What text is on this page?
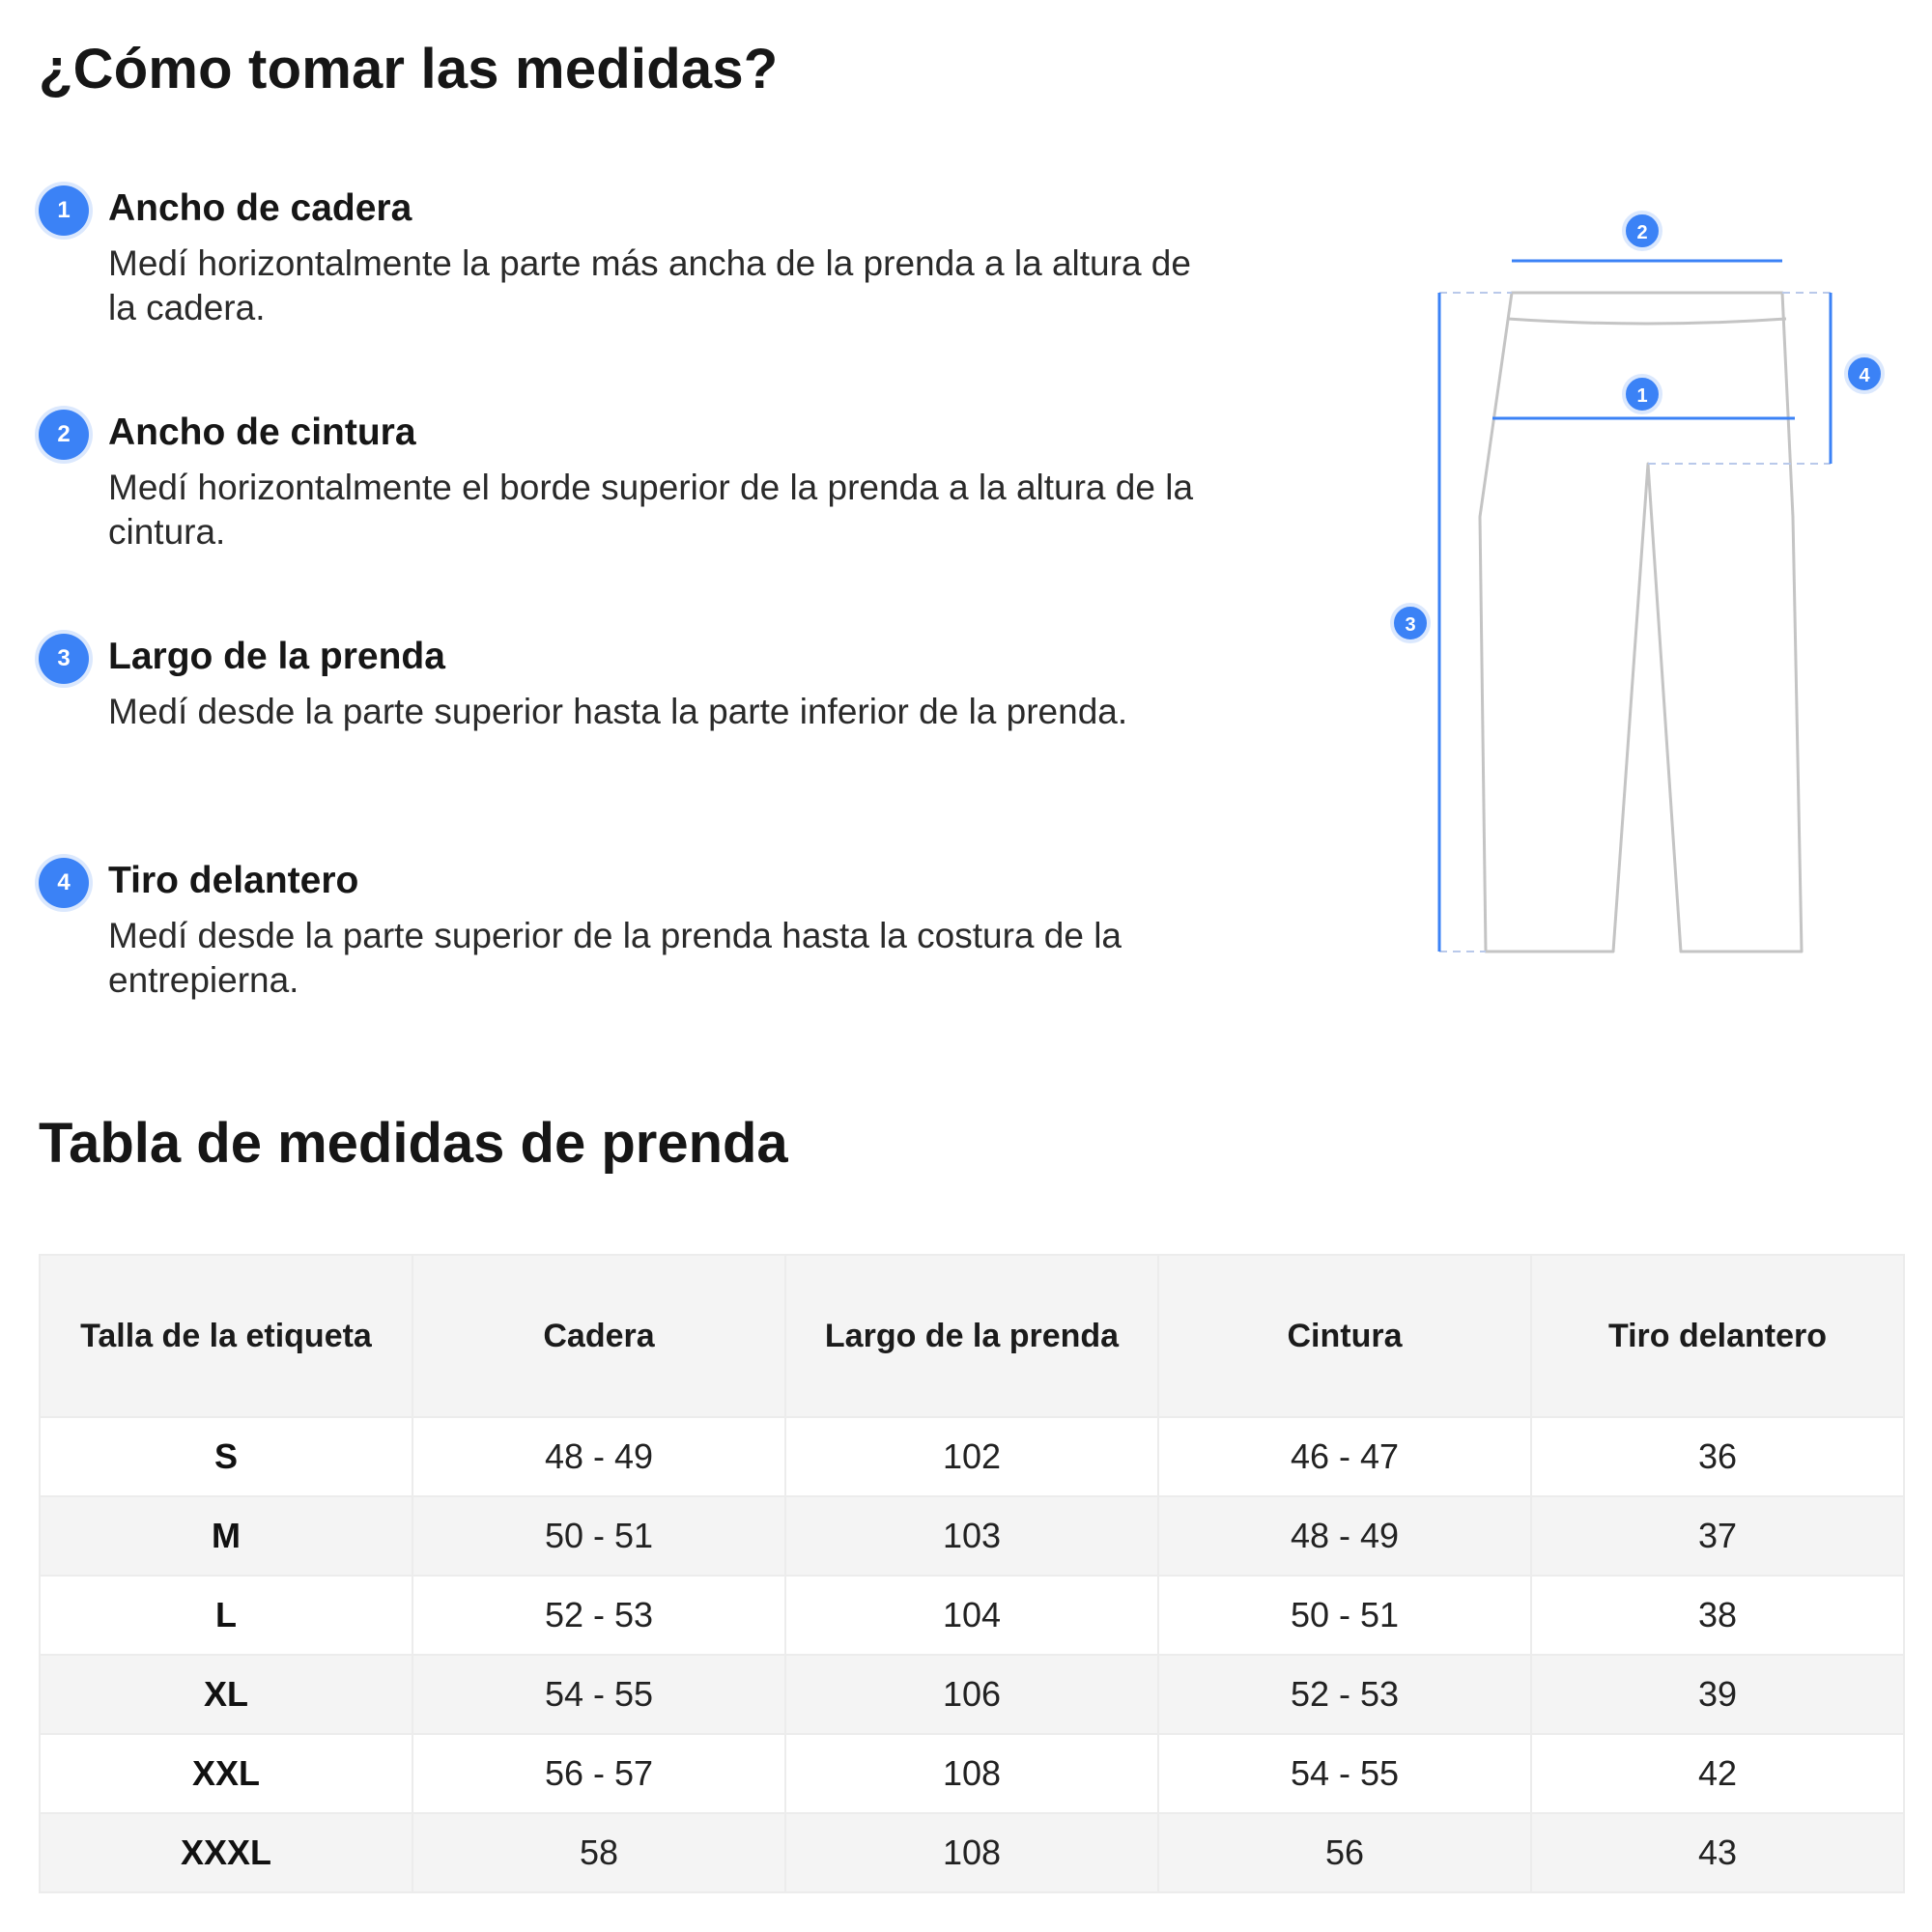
¿Cómo tomar las medidas?
1	Ancho de cadera

Medí horizontalmente la parte más ancha de la prenda a la altura de la cadera.

2	Ancho de cintura

Medí horizontalmente el borde superior de la prenda a la altura de la cintura.

3	Largo de la prenda

Medí desde la parte superior hasta la parte inferior de la prenda.

4	Tiro delantero

Medí desde la parte superior de la prenda hasta la costura de la entrepierna.

1
2
3
4
Tabla de medidas de prenda
Talla de la etiqueta	Cadera	Largo de la prenda	Cintura	Tiro delantero
S	48 - 49	102	46 - 47	36
M	50 - 51	103	48 - 49	37
L	52 - 53	104	50 - 51	38
XL	54 - 55	106	52 - 53	39
XXL	56 - 57	108	54 - 55	42
XXXL	58	108	56	43
